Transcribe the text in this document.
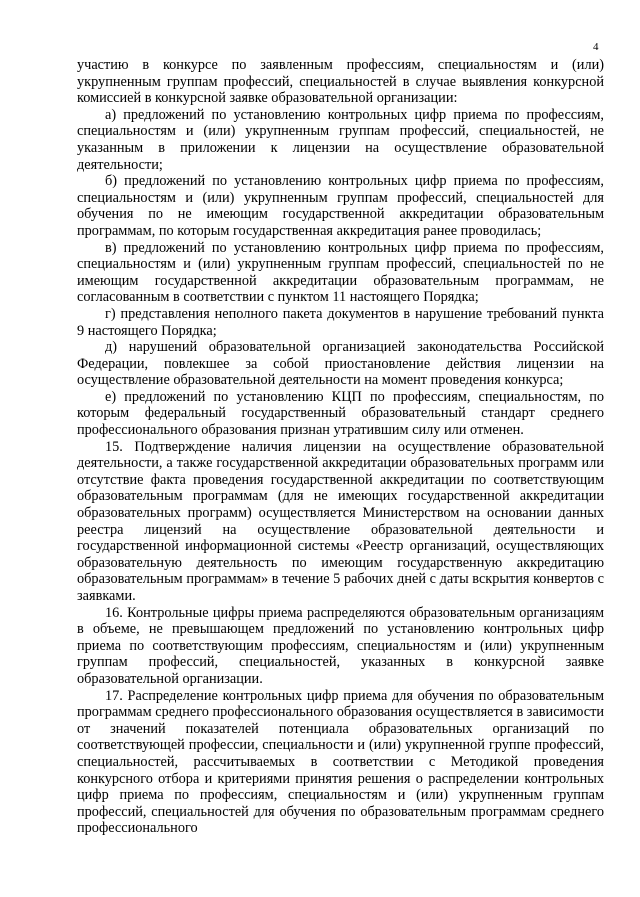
4

участию в конкурсе по заявленным профессиям, специальностям и (или) укрупненным группам профессий, специальностей в случае выявления конкурсной комиссией в конкурсной заявке образовательной организации:

а) предложений по установлению контрольных цифр приема по профессиям, специальностям и (или) укрупненным группам профессий, специальностей, не указанным в приложении к лицензии на осуществление образовательной деятельности;

б) предложений по установлению контрольных цифр приема по профессиям, специальностям и (или) укрупненным группам профессий, специальностей для обучения по не имеющим государственной аккредитации образовательным программам, по которым государственная аккредитация ранее проводилась;

в) предложений по установлению контрольных цифр приема по профессиям, специальностям и (или) укрупненным группам профессий, специальностей по не имеющим государственной аккредитации образовательным программам, не согласованным в соответствии с пунктом 11 настоящего Порядка;

г) представления неполного пакета документов в нарушение требований пункта 9 настоящего Порядка;

д) нарушений образовательной организацией законодательства Российской Федерации, повлекшее за собой приостановление действия лицензии на осуществление образовательной деятельности на момент проведения конкурса;

е) предложений по установлению КЦП по профессиям, специальностям, по которым федеральный государственный образовательный стандарт среднего профессионального образования признан утратившим силу или отменен.

15. Подтверждение наличия лицензии на осуществление образовательной деятельности, а также государственной аккредитации образовательных программ или отсутствие факта проведения государственной аккредитации по соответствующим образовательным программам (для не имеющих государственной аккредитации образовательных программ) осуществляется Министерством на основании данных реестра лицензий на осуществление образовательной деятельности и государственной информационной системы «Реестр организаций, осуществляющих образовательную деятельность по имеющим государственную аккредитацию образовательным программам» в течение 5 рабочих дней с даты вскрытия конвертов с заявками.

16. Контрольные цифры приема распределяются образовательным организациям в объеме, не превышающем предложений по установлению контрольных цифр приема по соответствующим профессиям, специальностям и (или) укрупненным группам профессий, специальностей, указанных в конкурсной заявке образовательной организации.

17. Распределение контрольных цифр приема для обучения по образовательным программам среднего профессионального образования осуществляется в зависимости от значений показателей потенциала образовательных организаций по соответствующей профессии, специальности и (или) укрупненной группе профессий, специальностей, рассчитываемых в соответствии с Методикой проведения конкурсного отбора и критериями принятия решения о распределении контрольных цифр приема по профессиям, специальностям и (или) укрупненным группам профессий, специальностей для обучения по образовательным программам среднего профессионального
